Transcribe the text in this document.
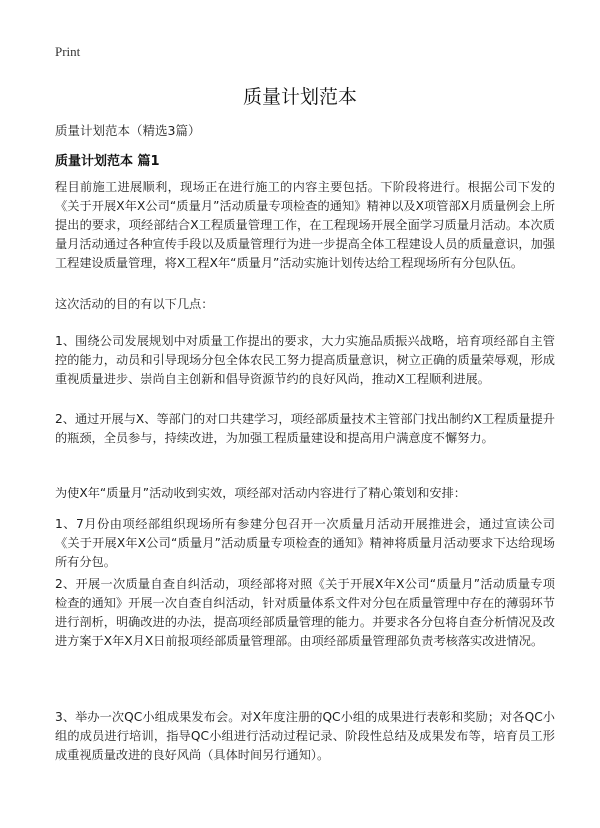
Print
质量计划范本
质量计划范本（精选3篇）
质量计划范本 篇1

程目前施工进展顺利，现场正在进行施工的内容主要包括。下阶段将进行。根据公司下发的《关于开展X年X公司“质量月”活动质量专项检查的通知》精神以及X项管部X月质量例会上所提出的要求，项经部结合X工程质量管理工作，在工程现场开展全面学习质量月活动。本次质量月活动通过各种宣传手段以及质量管理行为进一步提高全体工程建设人员的质量意识，加强工程建设质量管理，将X工程X年“质量月”活动实施计划传达给工程现场所有分包队伍。

这次活动的目的有以下几点：

1、围绕公司发展规划中对质量工作提出的要求，大力实施品质振兴战略，培育项经部自主管控的能力，动员和引导现场分包全体农民工努力提高质量意识，树立正确的质量荣辱观，形成重视质量进步、崇尚自主创新和倡导资源节约的良好风尚，推动X工程顺利进展。

2、通过开展与X、等部门的对口共建学习，项经部质量技术主管部门找出制约X工程质量提升的瓶颈，全员参与，持续改进，为加强工程质量建设和提高用户满意度不懈努力。

为使X年“质量月”活动收到实效，项经部对活动内容进行了精心策划和安排：

1、7月份由项经部组织现场所有参建分包召开一次质量月活动开展推进会，通过宣读公司《关于开展X年X公司“质量月”活动质量专项检查的通知》精神将质量月活动要求下达给现场所有分包。

2、开展一次质量自查自纠活动，项经部将对照《关于开展X年X公司“质量月”活动质量专项检查的通知》开展一次自查自纠活动，针对质量体系文件对分包在质量管理中存在的薄弱环节进行剖析，明确改进的办法，提高项经部质量管理的能力。并要求各分包将自查分析情况及改进方案于X年X月X日前报项经部质量管理部。由项经部质量管理部负责考核落实改进情况。

3、举办一次QC小组成果发布会。对X年度注册的QC小组的成果进行表彰和奖励；对各QC小组的成员进行培训，指导QC小组进行活动过程记录、阶段性总结及成果发布等，培育员工形成重视质量改进的良好风尚（具体时间另行通知）。
